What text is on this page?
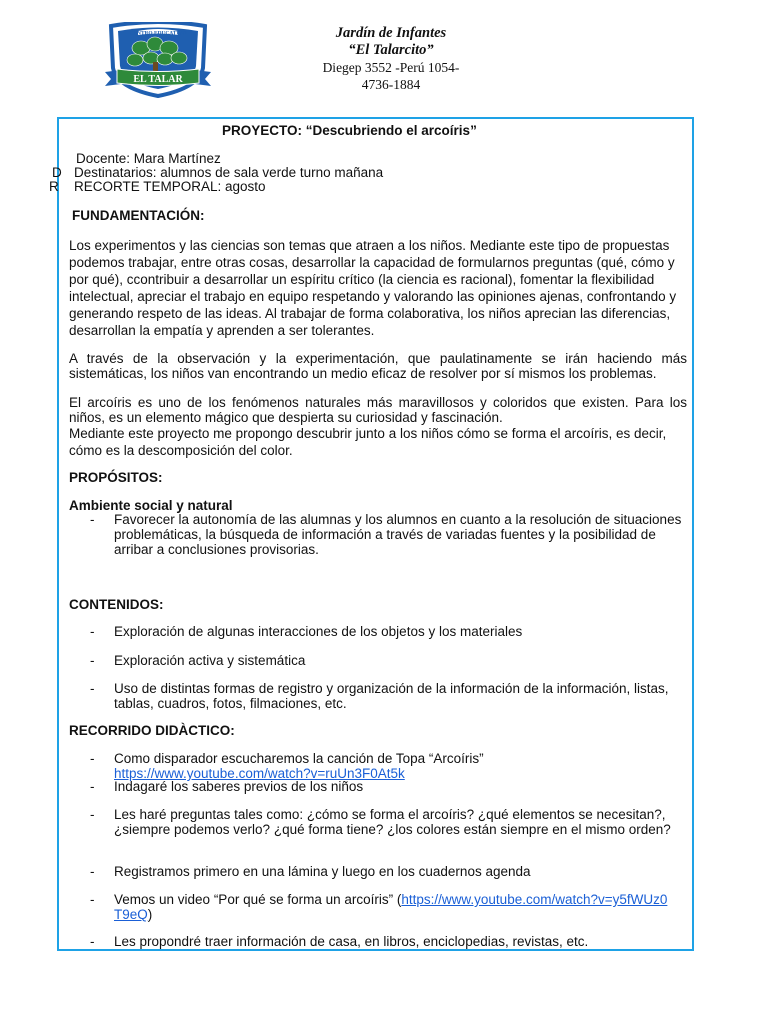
CENTRO EDUCATIVO
EL TALAR
Jardín de Infantes
“El Talarcito”
Diegep 3552 -Perú 1054-
4736-1884
PROYECTO: “Descubriendo el arcoíris”
D
R
Docente: Mara Martínez
Destinatarios: alumnos de sala verde turno mañana
RECORTE TEMPORAL: agosto
FUNDAMENTACIÓN:
Los experimentos y las ciencias son temas que atraen a los niños. Mediante este tipo de propuestas podemos trabajar, entre otras cosas, desarrollar la capacidad de formularnos preguntas (qué, cómo y por qué), ccontribuir a desarrollar un espíritu crítico (la ciencia es racional), fomentar la flexibilidad intelectual, apreciar el trabajo en equipo respetando y valorando las opiniones ajenas, confrontando y generando respeto de las ideas. Al trabajar de forma colaborativa, los niños aprecian las diferencias, desarrollan la empatía y aprenden a ser tolerantes.
A través de la observación y la experimentación, que paulatinamente se irán haciendo más sistemáticas, los niños van encontrando un medio eficaz de resolver por sí mismos los problemas.
El arcoíris es uno de los fenómenos naturales más maravillosos y coloridos que existen. Para los niños, es un elemento mágico que despierta su curiosidad y fascinación.
Mediante este proyecto me propongo descubrir junto a los niños cómo se forma el arcoíris, es decir, cómo es la descomposición del color.
PROPÓSITOS:
Ambiente social y natural
- Favorecer la autonomía de las alumnas y los alumnos en cuanto a la resolución de situaciones problemáticas, la búsqueda de información a través de variadas fuentes y la posibilidad de arribar a conclusiones provisorias.
CONTENIDOS:
- Exploración de algunas interacciones de los objetos y los materiales
- Exploración activa y sistemática
- Uso de distintas formas de registro y organización de la información de la información, listas, tablas, cuadros, fotos, filmaciones, etc.
RECORRIDO DIDÀCTICO:
- Como disparador escucharemos la canción de Topa “Arcoíris”
https://www.youtube.com/watch?v=ruUn3F0At5k
- Indagaré los saberes previos de los niños
- Les haré preguntas tales como: ¿cómo se forma el arcoíris? ¿qué elementos se necesitan?, ¿siempre podemos verlo? ¿qué forma tiene? ¿los colores están siempre en el mismo orden?
- Registramos primero en una lámina y luego en los cuadernos agenda
- Vemos un video “Por qué se forma un arcoíris” (https://www.youtube.com/watch?v=y5fWUz0T9eQ)
- Les propondré traer información de casa, en libros, enciclopedias, revistas, etc.
